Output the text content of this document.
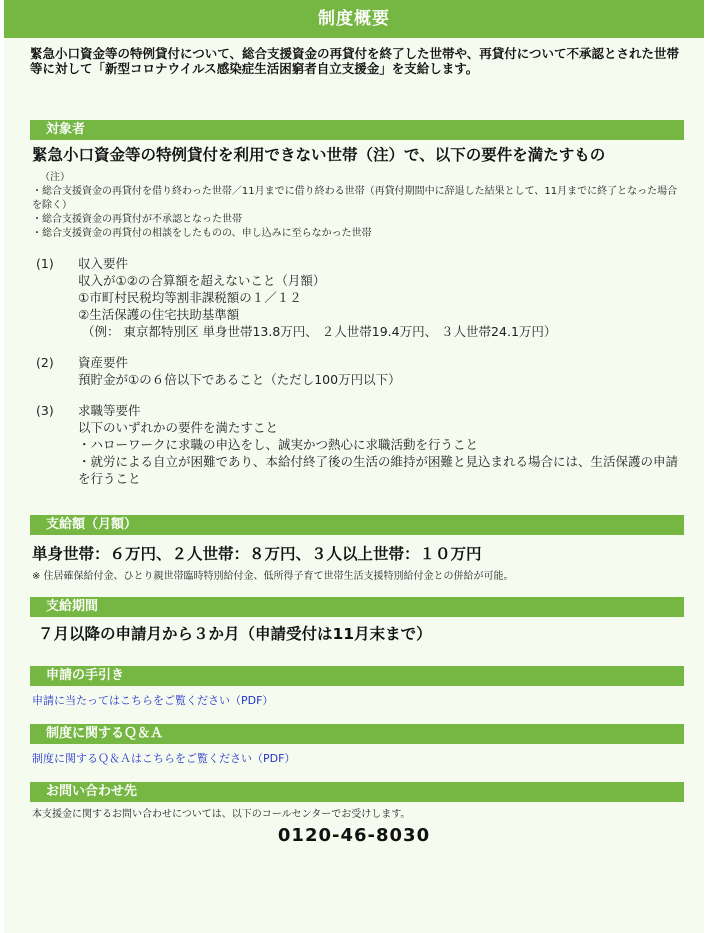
制度概要
緊急小口資金等の特例貸付について、総合支援資金の再貸付を終了した世帯や、再貸付について不承認とされた世帯等に対して「新型コロナウイルス感染症生活困窮者自立支援金」を支給します。
対象者
緊急小口資金等の特例貸付を利用できない世帯（注）で、以下の要件を満たすもの
（注）
・総合支援資金の再貸付を借り終わった世帯／11月までに借り終わる世帯（再貸付期間中に辞退した結果として、11月までに終了となった場合を除く）
・総合支援資金の再貸付が不承認となった世帯
・総合支援資金の再貸付の相談をしたものの、申し込みに至らなかった世帯
(1)	収入要件
収入が①②の合算額を超えないこと（月額）
①市町村民税均等割非課税額の１／１２
②生活保護の住宅扶助基準額
（例： 東京都特別区 単身世帯13.8万円、 ２人世帯19.4万円、 ３人世帯24.1万円）
(2)	資産要件
預貯金が①の６倍以下であること（ただし100万円以下）
(3)	求職等要件
以下のいずれかの要件を満たすこと
・ハローワークに求職の申込をし、誠実かつ熱心に求職活動を行うこと
・就労による自立が困難であり、本給付終了後の生活の維持が困難と見込まれる場合には、生活保護の申請を行うこと
支給額（月額）
単身世帯：６万円、２人世帯：８万円、３人以上世帯：１０万円
※ 住居確保給付金、ひとり親世帯臨時特別給付金、低所得子育て世帯生活支援特別給付金との併給が可能。
支給期間
７月以降の申請月から３か月（申請受付は11月末まで）
申請の手引き
申請に当たってはこちらをご覧ください（PDF）
制度に関するＱ＆Ａ
制度に関するＱ＆Ａはこちらをご覧ください（PDF）
お問い合わせ先
本支援金に関するお問い合わせについては、以下のコールセンターでお受けします。
0120-46-8030
